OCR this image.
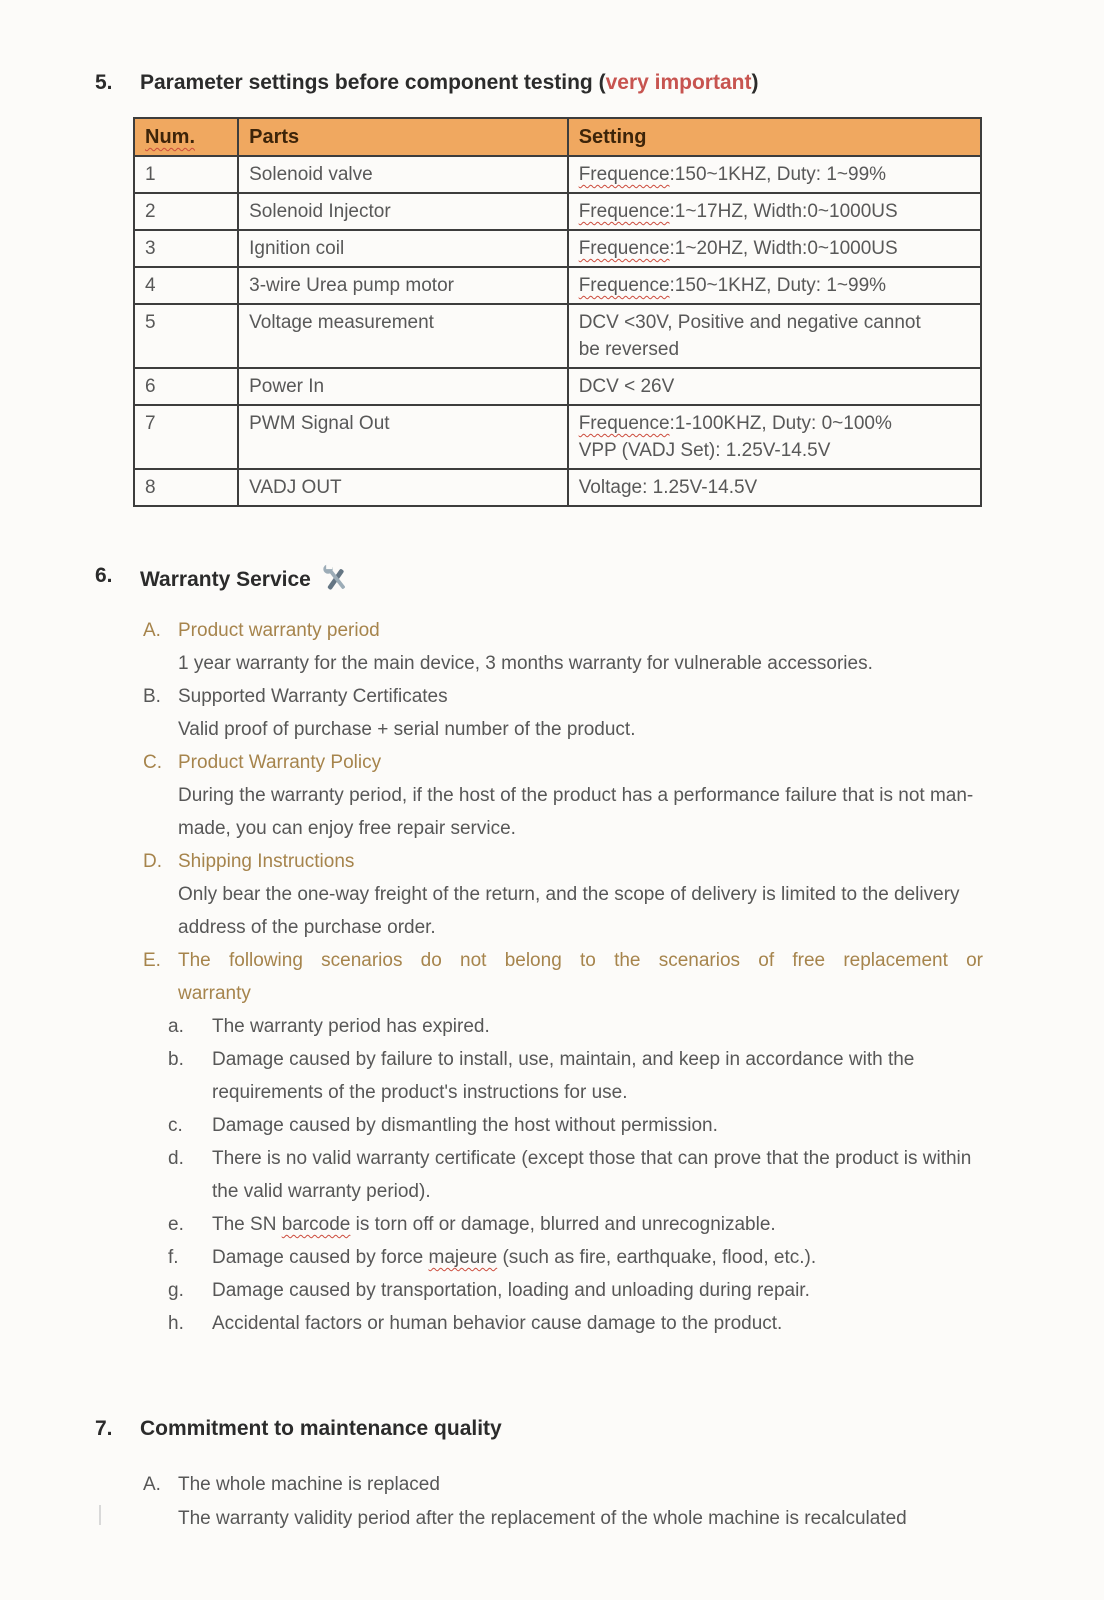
5.	Parameter settings before component testing (very important)
Num.	Parts	Setting
1	Solenoid valve	Frequence:150~1KHZ, Duty: 1~99%
2	Solenoid Injector	Frequence:1~17HZ, Width:0~1000US
3	Ignition coil	Frequence:1~20HZ, Width:0~1000US
4	3-wire Urea pump motor	Frequence:150~1KHZ, Duty: 1~99%
5	Voltage measurement	DCV <30V, Positive and negative cannot
be reversed

6	Power In	DCV < 26V
7	PWM Signal Out	Frequence:1-100KHZ, Duty: 0~100%
VPP (VADJ Set): 1.25V-14.5V

8	VADJ OUT	Voltage: 1.25V-14.5V
6.	Warranty Service
A. Product warranty period
1 year warranty for the main device, 3 months warranty for vulnerable accessories.
B. Supported Warranty Certificates
Valid proof of purchase + serial number of the product.
C. Product Warranty Policy
During the warranty period, if the host of the product has a performance failure that is not man-made, you can enjoy free repair service.
D. Shipping Instructions
Only bear the one-way freight of the return, and the scope of delivery is limited to the delivery address of the purchase order.
E. The following scenarios do not belong to the scenarios of free replacement or
warranty
a.	The warranty period has expired.
b.	Damage caused by failure to install, use, maintain, and keep in accordance with the requirements of the product's instructions for use.
c.	Damage caused by dismantling the host without permission.
d.	There is no valid warranty certificate (except those that can prove that the product is within the valid warranty period).
e.	The SN barcode is torn off or damage, blurred and unrecognizable.
f.	Damage caused by force majeure (such as fire, earthquake, flood, etc.).
g.	Damage caused by transportation, loading and unloading during repair.
h.	Accidental factors or human behavior cause damage to the product.
7.	Commitment to maintenance quality
A. The whole machine is replaced
The warranty validity period after the replacement of the whole machine is recalculated
